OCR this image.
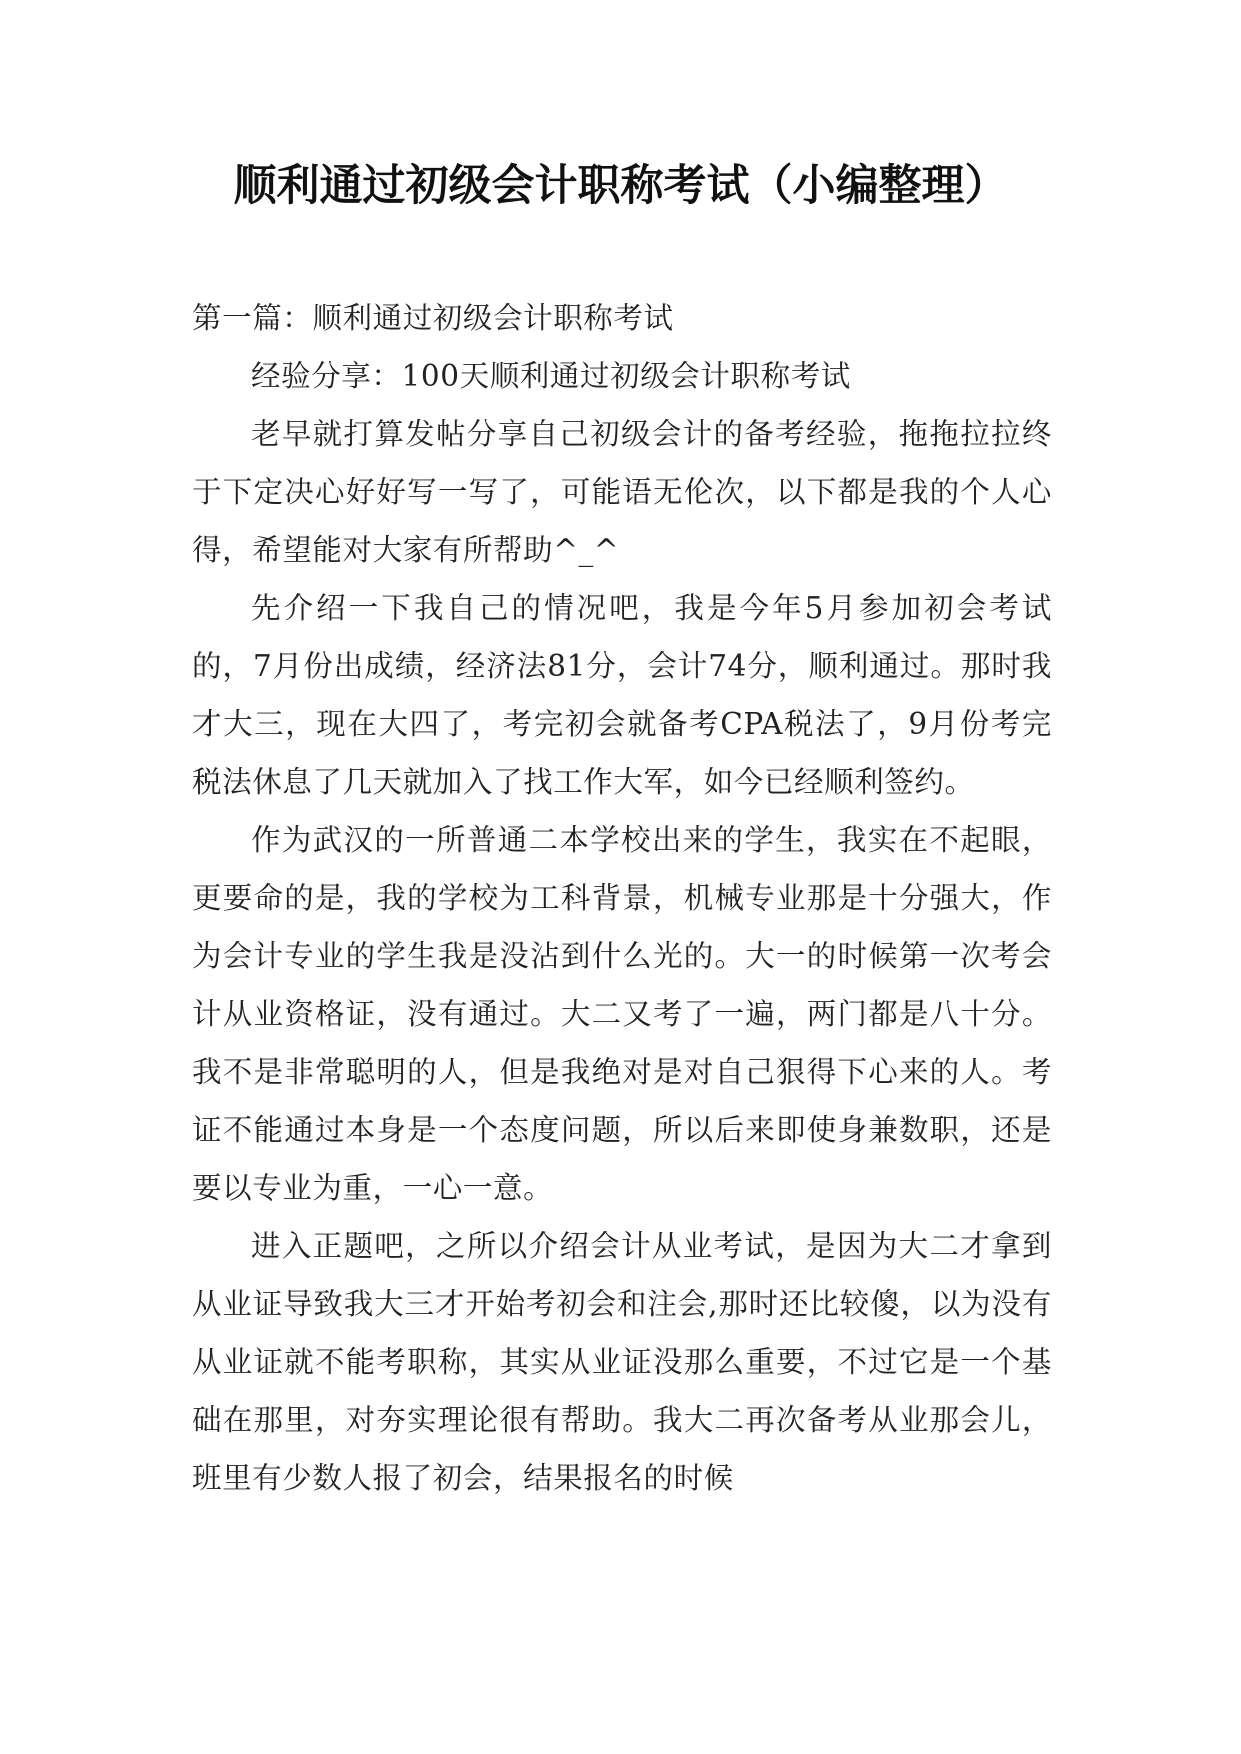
顺利通过初级会计职称考试（小编整理）

第一篇：顺利通过初级会计职称考试

经验分享：100天顺利通过初级会计职称考试

老早就打算发帖分享自己初级会计的备考经验，拖拖拉拉终于下定决心好好写一写了，可能语无伦次，以下都是我的个人心得，希望能对大家有所帮助^_^

先介绍一下我自己的情况吧，我是今年5月参加初会考试的，7月份出成绩，经济法81分，会计74分，顺利通过。那时我才大三，现在大四了，考完初会就备考CPA税法了，9月份考完税法休息了几天就加入了找工作大军，如今已经顺利签约。

作为武汉的一所普通二本学校出来的学生，我实在不起眼，更要命的是，我的学校为工科背景，机械专业那是十分强大，作为会计专业的学生我是没沾到什么光的。大一的时候第一次考会计从业资格证，没有通过。大二又考了一遍，两门都是八十分。我不是非常聪明的人，但是我绝对是对自己狠得下心来的人。考证不能通过本身是一个态度问题，所以后来即使身兼数职，还是要以专业为重，一心一意。

进入正题吧，之所以介绍会计从业考试，是因为大二才拿到从业证导致我大三才开始考初会和注会,那时还比较傻，以为没有从业证就不能考职称，其实从业证没那么重要，不过它是一个基础在那里，对夯实理论很有帮助。我大二再次备考从业那会儿，班里有少数人报了初会，结果报名的时候
